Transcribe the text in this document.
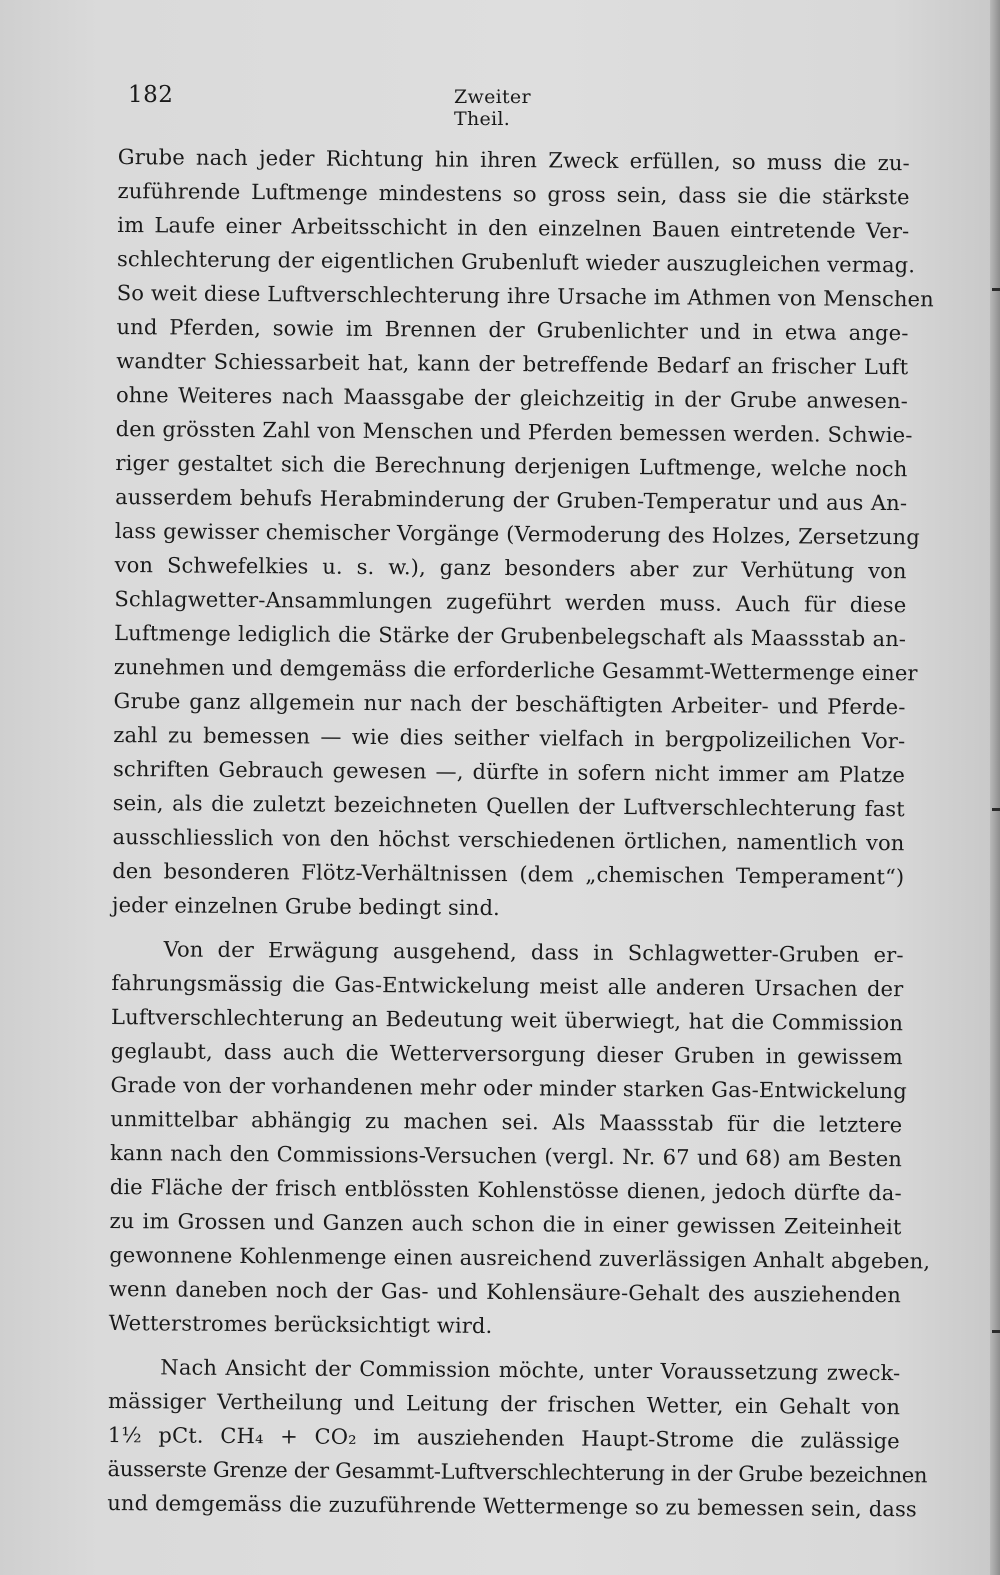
182	Zweiter Theil.
Grube nach jeder Richtung hin ihren Zweck erfüllen, so muss die zu-
zuführende Luftmenge mindestens so gross sein, dass sie die stärkste
im Laufe einer Arbeitsschicht in den einzelnen Bauen eintretende Ver-
schlechterung der eigentlichen Grubenluft wieder auszugleichen vermag.
So weit diese Luftverschlechterung ihre Ursache im Athmen von Menschen
und Pferden, sowie im Brennen der Grubenlichter und in etwa ange-
wandter Schiessarbeit hat, kann der betreffende Bedarf an frischer Luft
ohne Weiteres nach Maassgabe der gleichzeitig in der Grube anwesen-
den grössten Zahl von Menschen und Pferden bemessen werden. Schwie-
riger gestaltet sich die Berechnung derjenigen Luftmenge, welche noch
ausserdem behufs Herabminderung der Gruben-Temperatur und aus An-
lass gewisser chemischer Vorgänge (Vermoderung des Holzes, Zersetzung
von Schwefelkies u. s. w.), ganz besonders aber zur Verhütung von
Schlagwetter-Ansammlungen zugeführt werden muss. Auch für diese
Luftmenge lediglich die Stärke der Grubenbelegschaft als Maassstab an-
zunehmen und demgemäss die erforderliche Gesammt-Wettermenge einer
Grube ganz allgemein nur nach der beschäftigten Arbeiter- und Pferde-
zahl zu bemessen — wie dies seither vielfach in bergpolizeilichen Vor-
schriften Gebrauch gewesen —, dürfte in sofern nicht immer am Platze
sein, als die zuletzt bezeichneten Quellen der Luftverschlechterung fast
ausschliesslich von den höchst verschiedenen örtlichen, namentlich von
den besonderen Flötz-Verhältnissen (dem „chemischen Temperament“)
jeder einzelnen Grube bedingt sind.
Von der Erwägung ausgehend, dass in Schlagwetter-Gruben er-
fahrungsmässig die Gas-Entwickelung meist alle anderen Ursachen der
Luftverschlechterung an Bedeutung weit überwiegt, hat die Commission
geglaubt, dass auch die Wetterversorgung dieser Gruben in gewissem
Grade von der vorhandenen mehr oder minder starken Gas-Entwickelung
unmittelbar abhängig zu machen sei. Als Maassstab für die letztere
kann nach den Commissions-Versuchen (vergl. Nr. 67 und 68) am Besten
die Fläche der frisch entblössten Kohlenstösse dienen, jedoch dürfte da-
zu im Grossen und Ganzen auch schon die in einer gewissen Zeiteinheit
gewonnene Kohlenmenge einen ausreichend zuverlässigen Anhalt abgeben,
wenn daneben noch der Gas- und Kohlensäure-Gehalt des ausziehenden
Wetterstromes berücksichtigt wird.
Nach Ansicht der Commission möchte, unter Voraussetzung zweck-
mässiger Vertheilung und Leitung der frischen Wetter, ein Gehalt von
1½ pCt. CH₄ + CO₂ im ausziehenden Haupt-Strome die zulässige
äusserste Grenze der Gesammt-Luftverschlechterung in der Grube bezeichnen
und demgemäss die zuzuführende Wettermenge so zu bemessen sein, dass
